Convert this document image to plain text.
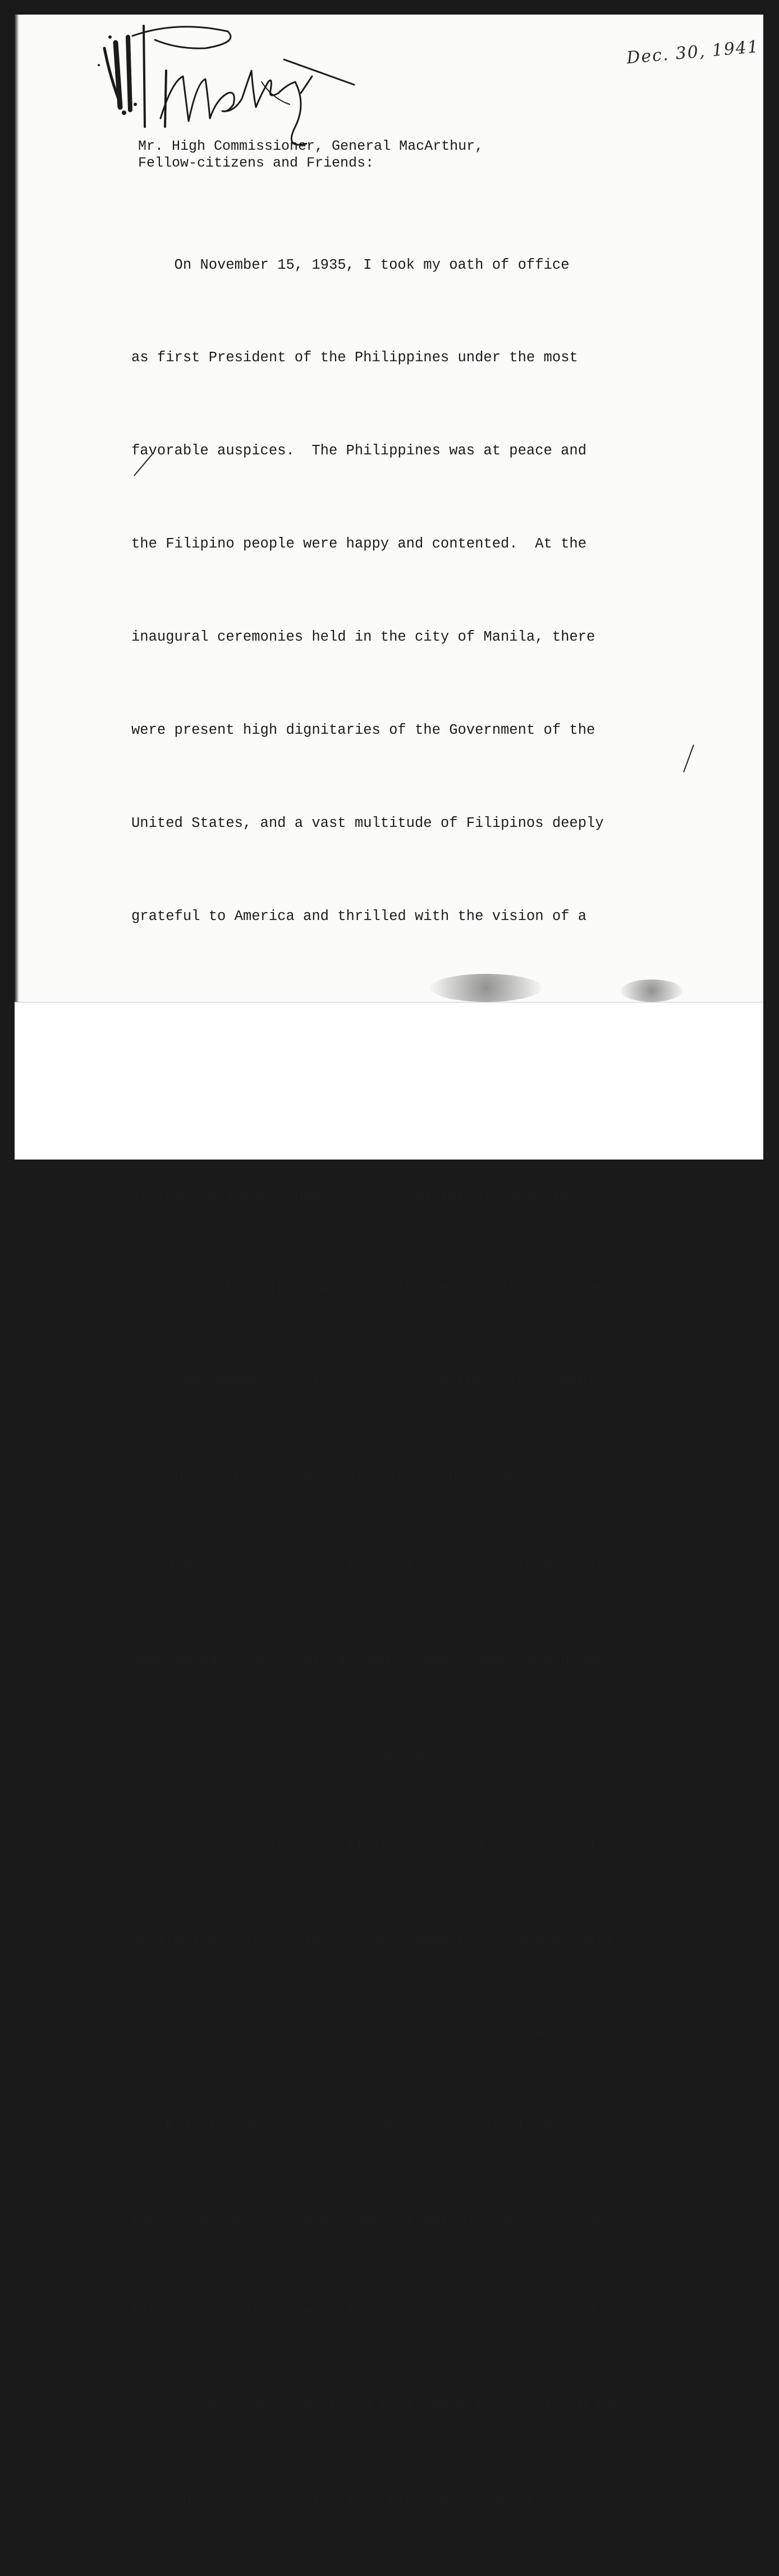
Dec. 30, 1941
Mr. High Commissioner, General MacArthur,
Fellow-citizens and Friends:

On November 15, 1935, I took my oath of office

as first President of the Philippines under the most

favorable auspices.  The Philippines was at peace and

the Filipino people were happy and contented.  At the

inaugural ceremonies held in the city of Manila, there

were present high dignitaries of the Government of the

United States, and a vast multitude of Filipinos deeply

grateful to America and thrilled with the vision of a

of the Presidency under entirely different conditions.

We are in the grip of war, and the seat of the government

has been temporarily transferred from the city of Manila

to a place in close proximity to the Headquarters of our

armed forces, where I am in constant touch with General

Douglas MacArthur.  All around us enemy bombs are dropping

and anti-aircraft guns are roaring.  In defenseless cities

and towns air-raids are killing women and children and

destroying century-old churches, monasteries and schools.

Six years ago, there was every reason to believe that

the Filipino people would be able to prepare themselves

for independence in peace and without hindrance.  In my

first inaugural address, I outlined a program intended

to lay the foundations for a government that will, in the

language o  our Constitution, promote the general w  fare
